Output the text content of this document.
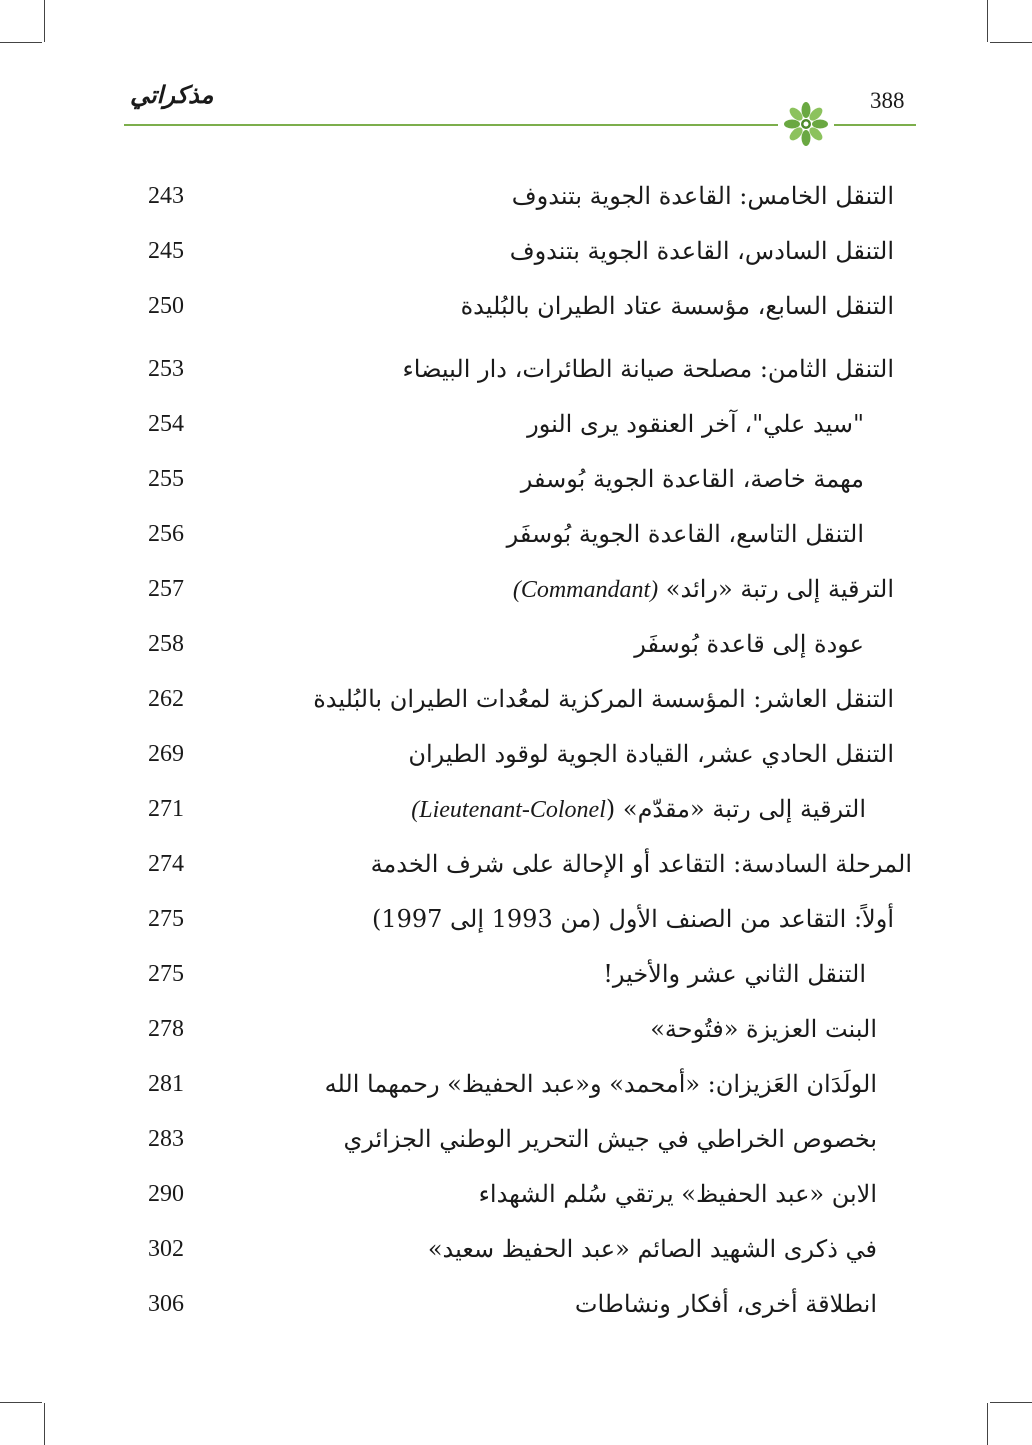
مذكراتي	388
التنقل الخامس: القاعدة الجوية بتندوف
243
التنقل السادس، القاعدة الجوية بتندوف
245
التنقل السابع، مؤسسة عتاد الطيران بالبُليدة
250
التنقل الثامن: مصلحة صيانة الطائرات، دار البيضاء
253
"سيد علي"، آخر العنقود يرى النور
254
مهمة خاصة، القاعدة الجوية بُوسفر
255
التنقل التاسع، القاعدة الجوية بُوسفَر
256
الترقية إلى رتبة «رائد» (Commandant)
257
عودة إلى قاعدة بُوسفَر
258
التنقل العاشر: المؤسسة المركزية لمعُدات الطيران بالبُليدة
262
التنقل الحادي عشر، القيادة الجوية لوقود الطيران
269
الترقية إلى رتبة «مقدّم» (Lieutenant-Colonel)
271
المرحلة السادسة: التقاعد أو الإحالة على شرف الخدمة
274
أولاً: التقاعد من الصنف الأول (من 1993 إلى 1997)
275
التنقل الثاني عشر والأخير!
275
البنت العزيزة «فتُوحة»
278
الولَدَان العَزيزان: «أمحمد» و«عبد الحفيظ» رحمهما الله
281
بخصوص الخراطي في جيش التحرير الوطني الجزائري
283
الابن «عبد الحفيظ» يرتقي سُلم الشهداء
290
في ذكرى الشهيد الصائم «عبد الحفيظ سعيد»
302
انطلاقة أخرى، أفكار ونشاطات
306
